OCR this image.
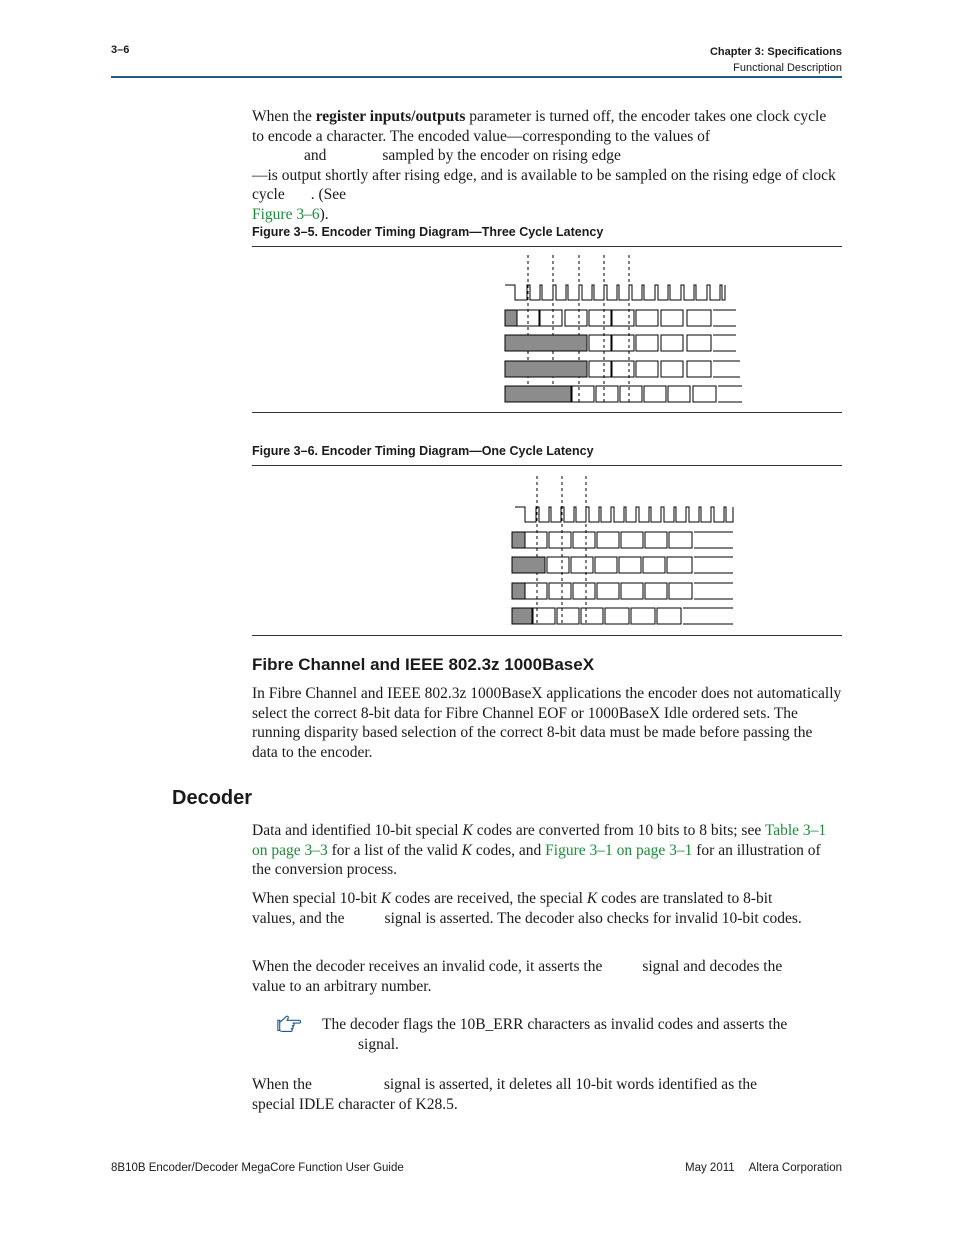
3–6	Chapter 3: Specifications
Functional Description
When the register inputs/outputs parameter is turned off, the encoder takes one clock cycle to encode a character. The encoded value—corresponding to the values of
and	sampled by the encoder on rising edge
—is output shortly after rising edge, and is available to be sampled on the rising edge of clock cycle . (See
Figure 3–6).
Figure 3–5. Encoder Timing Diagram—Three Cycle Latency
Figure 3–6. Encoder Timing Diagram—One Cycle Latency
Fibre Channel and IEEE 802.3z 1000BaseX
In Fibre Channel and IEEE 802.3z 1000BaseX applications the encoder does not automatically select the correct 8-bit data for Fibre Channel EOF or 1000BaseX Idle ordered sets. The running disparity based selection of the correct 8-bit data must be made before passing the data to the encoder.
Decoder
Data and identified 10-bit special K codes are converted from 10 bits to 8 bits; see Table 3–1 on page 3–3 for a list of the valid K codes, and Figure 3–1 on page 3–1 for an illustration of the conversion process.
When special 10-bit K codes are received, the special K codes are translated to 8-bit
values, and the	signal is asserted. The decoder also checks for invalid 10-bit codes.
When the decoder receives an invalid code, it asserts the	signal and decodes the
value to an arbitrary number.
The decoder flags the 10B_ERR characters as invalid codes and asserts the
signal.
When the	signal is asserted, it deletes all 10-bit words identified as the
special IDLE character of K28.5.
8B10B Encoder/Decoder MegaCore Function User Guide	May 2011 Altera Corporation
